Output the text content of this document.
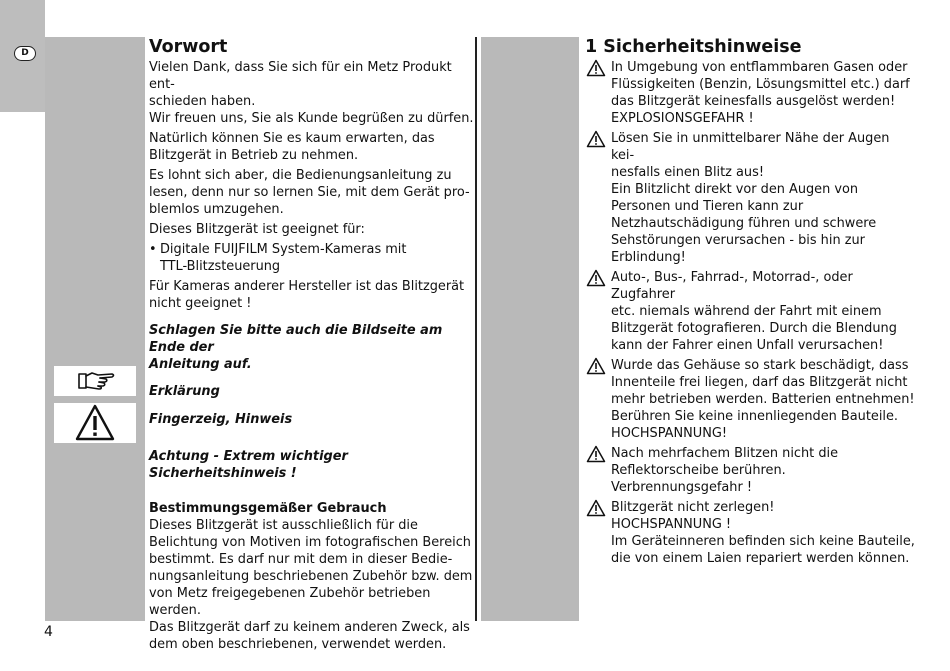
D
4
Vorwort

Vielen Dank, dass Sie sich für ein Metz Produkt ent-
schieden haben.
Wir freuen uns, Sie als Kunde begrüßen zu dürfen.

Natürlich können Sie es kaum erwarten, das
Blitzgerät in Betrieb zu nehmen.

Es lohnt sich aber, die Bedienungsanleitung zu
lesen, denn nur so lernen Sie, mit dem Gerät pro-
blemlos umzugehen.

Dieses Blitzgerät ist geeignet für:

• Digitale FUIJFILM System-Kameras mit
TTL-Blitzsteuerung

Für Kameras anderer Hersteller ist das Blitzgerät
nicht geeignet !

Schlagen Sie bitte auch die Bildseite am Ende der
Anleitung auf.

Erklärung

Fingerzeig, Hinweis

Achtung - Extrem wichtiger Sicherheitshinweis !

Bestimmungsgemäßer Gebrauch
Dieses Blitzgerät ist ausschließlich für die
Belichtung von Motiven im fotografischen Bereich
bestimmt. Es darf nur mit dem in dieser Bedie-
nungsanleitung beschriebenen Zubehör bzw. dem
von Metz freigegebenen Zubehör betrieben werden.
Das Blitzgerät darf zu keinem anderen Zweck, als
dem oben beschriebenen, verwendet werden.

1 Sicherheitshinweise
In Umgebung von entflammbaren Gasen oder
Flüssigkeiten (Benzin, Lösungsmittel etc.) darf
das Blitzgerät keinesfalls ausgelöst werden!
EXPLOSIONSGEFAHR !
Lösen Sie in unmittelbarer Nähe der Augen kei-
nesfalls einen Blitz aus!
Ein Blitzlicht direkt vor den Augen von
Personen und Tieren kann zur
Netzhautschädigung führen und schwere
Sehstörungen verursachen - bis hin zur
Erblindung!
Auto-, Bus-, Fahrrad-, Motorrad-, oder Zugfahrer
etc. niemals während der Fahrt mit einem
Blitzgerät fotografieren. Durch die Blendung
kann der Fahrer einen Unfall verursachen!
Wurde das Gehäuse so stark beschädigt, dass
Innenteile frei liegen, darf das Blitzgerät nicht
mehr betrieben werden. Batterien entnehmen!
Berühren Sie keine innenliegenden Bauteile.
HOCHSPANNUNG!
Nach mehrfachem Blitzen nicht die
Reflektorscheibe berühren.
Verbrennungsgefahr !
Blitzgerät nicht zerlegen!
HOCHSPANNUNG !
Im Geräteinneren befinden sich keine Bauteile,
die von einem Laien repariert werden können.
